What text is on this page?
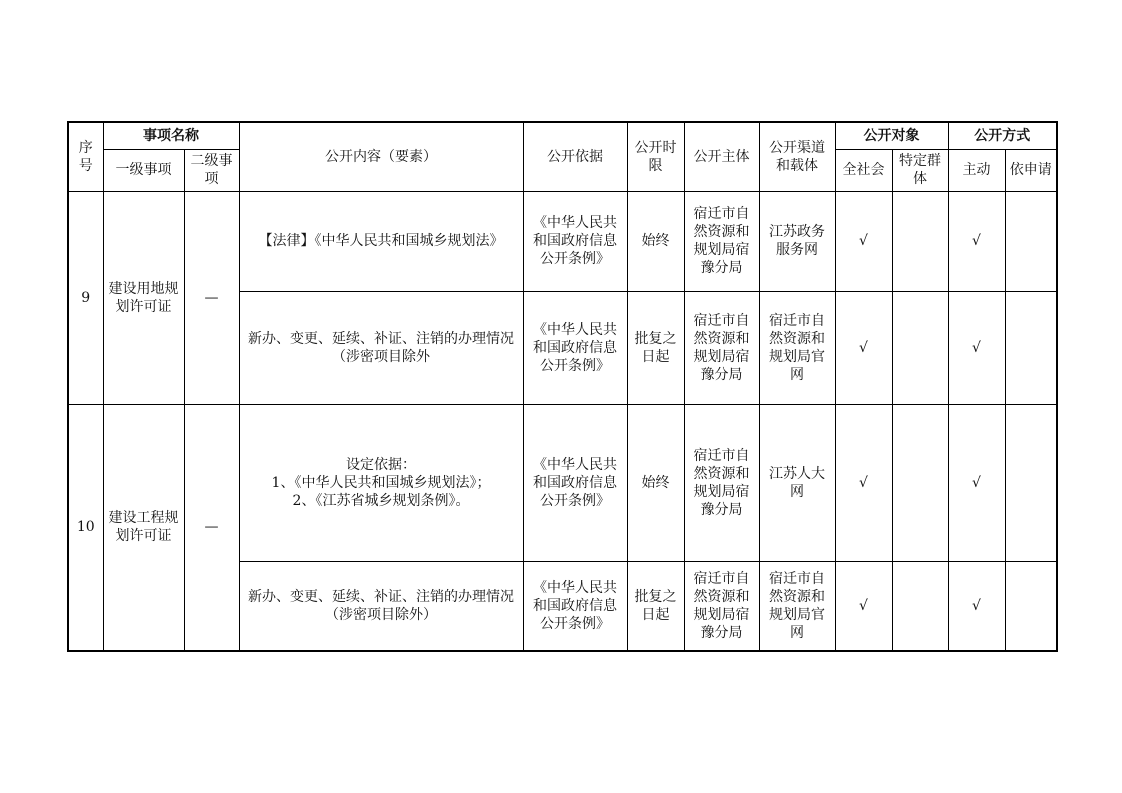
序号	事项名称		公开内容（要素）	公开依据	公开时限	公开主体	公开渠道和载体	公开对象		公开方式	
	一级事项	二级事项						全社会	特定群体	主动	依申请
9	建设用地规划许可证	—	【法律】《中华人民共和国城乡规划法》	《中华人民共和国政府信息公开条例》	始终	宿迁市自然资源和规划局宿豫分局	江苏政务服务网	√		√	
			新办、变更、延续、补证、注销的办理情况（涉密项目除外	《中华人民共和国政府信息公开条例》	批复之日起	宿迁市自然资源和规划局宿豫分局	宿迁市自然资源和规划局官网	√		√	
10	建设工程规划许可证	—	设定依据：
1、《中华人民共和国城乡规划法》；
2、《江苏省城乡规划条例》。	《中华人民共和国政府信息公开条例》	始终	宿迁市自然资源和规划局宿豫分局	江苏人大网	√		√	
			新办、变更、延续、补证、注销的办理情况（涉密项目除外）	《中华人民共和国政府信息公开条例》	批复之日起	宿迁市自然资源和规划局宿豫分局	宿迁市自然资源和规划局官网	√		√	
